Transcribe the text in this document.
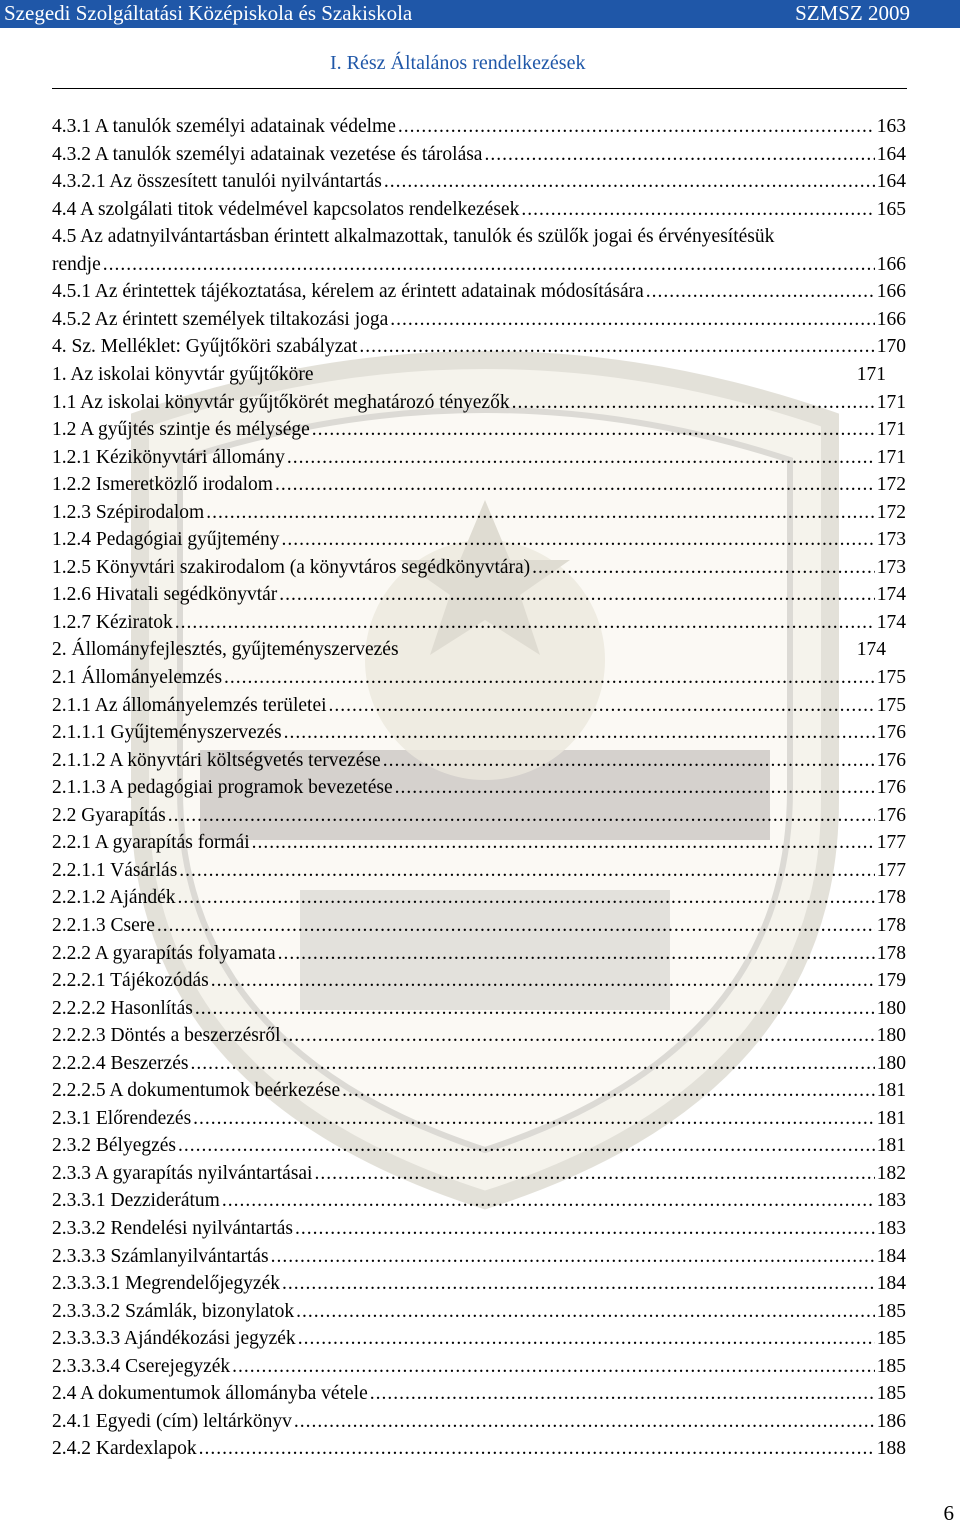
Szegedi Szolgáltatási Középiskola és Szakiskola	SZMSZ 2009
I. Rész Általános rendelkezések
4.3.1 A tanulók személyi adatainak védelme .....	163
4.3.2 A tanulók személyi adatainak vezetése és tárolása .....	164
4.3.2.1 Az összesített tanulói nyilvántartás .....	164
4.4 A szolgálati titok védelmével kapcsolatos rendelkezések .....	165
4.5 Az adatnyilvántartásban érintett alkalmazottak, tanulók és szülők jogai és érvényesítésük
rendje .....	166
4.5.1 Az érintettek tájékoztatása, kérelem az érintett adatainak módosítására .....	166
4.5.2 Az érintett személyek tiltakozási joga .....	166
4. Sz. Melléklet: Gyűjtőköri szabályzat .....	170
1. Az iskolai könyvtár gyűjtőköre	171
1.1 Az iskolai könyvtár gyűjtőkörét meghatározó tényezők .....	171
1.2 A gyűjtés szintje és mélysége .....	171
1.2.1 Kézikönyvtári állomány .....	171
1.2.2 Ismeretközlő irodalom .....	172
1.2.3 Szépirodalom .....	172
1.2.4 Pedagógiai gyűjtemény .....	173
1.2.5 Könyvtári szakirodalom (a könyvtáros segédkönyvtára) .....	173
1.2.6 Hivatali segédkönyvtár .....	174
1.2.7 Kéziratok .....	174
2. Állományfejlesztés, gyűjteményszervezés	174
2.1 Állományelemzés .....	175
2.1.1 Az állományelemzés területei .....	175
2.1.1.1 Gyűjteményszervezés .....	176
2.1.1.2 A könyvtári költségvetés tervezése .....	176
2.1.1.3 A pedagógiai programok bevezetése .....	176
2.2 Gyarapítás .....	176
2.2.1 A gyarapítás formái .....	177
2.2.1.1 Vásárlás .....	177
2.2.1.2 Ajándék .....	178
2.2.1.3 Csere .....	178
2.2.2 A gyarapítás folyamata .....	178
2.2.2.1 Tájékozódás .....	179
2.2.2.2 Hasonlítás .....	180
2.2.2.3 Döntés a beszerzésről .....	180
2.2.2.4 Beszerzés .....	180
2.2.2.5 A dokumentumok beérkezése .....	181
2.3.1 Előrendezés .....	181
2.3.2 Bélyegzés .....	181
2.3.3 A gyarapítás nyilvántartásai .....	182
2.3.3.1 Dezziderátum .....	183
2.3.3.2 Rendelési nyilvántartás .....	183
2.3.3.3 Számlanyilvántartás .....	184
2.3.3.3.1 Megrendelőjegyzék .....	184
2.3.3.3.2 Számlák, bizonylatok .....	185
2.3.3.3.3 Ajándékozási jegyzék .....	185
2.3.3.3.4 Cserejegyzék .....	185
2.4 A dokumentumok állományba vétele .....	185
2.4.1 Egyedi (cím) leltárkönyv .....	186
2.4.2 Kardexlapok .....	188
6
